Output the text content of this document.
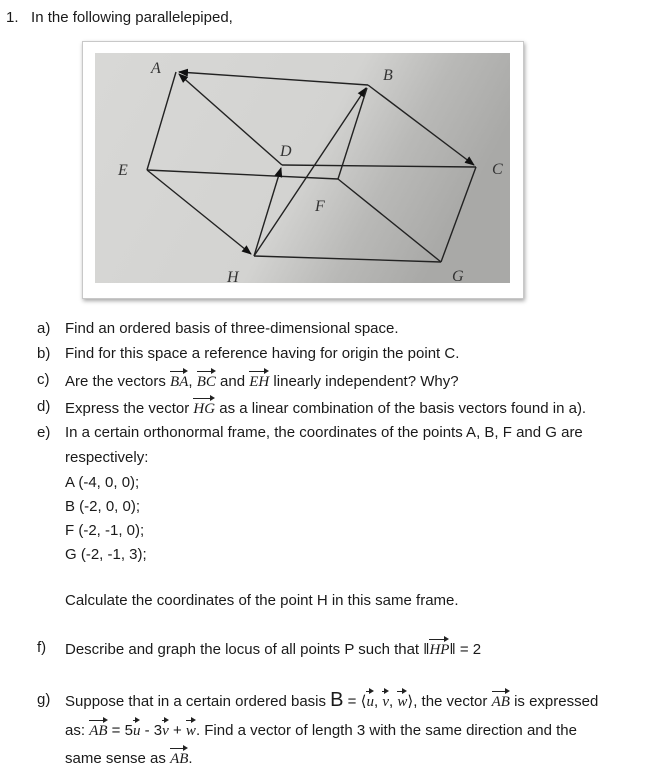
1. In the following parallelepiped,
A	B
C
D
E
F
G
H
a) Find an ordered basis of three-dimensional space.
b) Find for this space a reference having for origin the point C.
c) Are the vectors BA, BC and EH linearly independent? Why?
d) Express the vector HG as a linear combination of the basis vectors found in a).
e) In a certain orthonormal frame, the coordinates of the points A, B, F and G are
respectively:
A (-4, 0, 0);
B (-2, 0, 0);
F (-2, -1, 0);
G (-2, -1, 3);
Calculate the coordinates of the point H in this same frame.
f) Describe and graph the locus of all points P such that ‖HP‖ = 2
g) Suppose that in a certain ordered basis B = ⟨u, v, w⟩, the vector AB is expressed
as: AB = 5u - 3v + w. Find a vector of length 3 with the same direction and the
same sense as AB.
